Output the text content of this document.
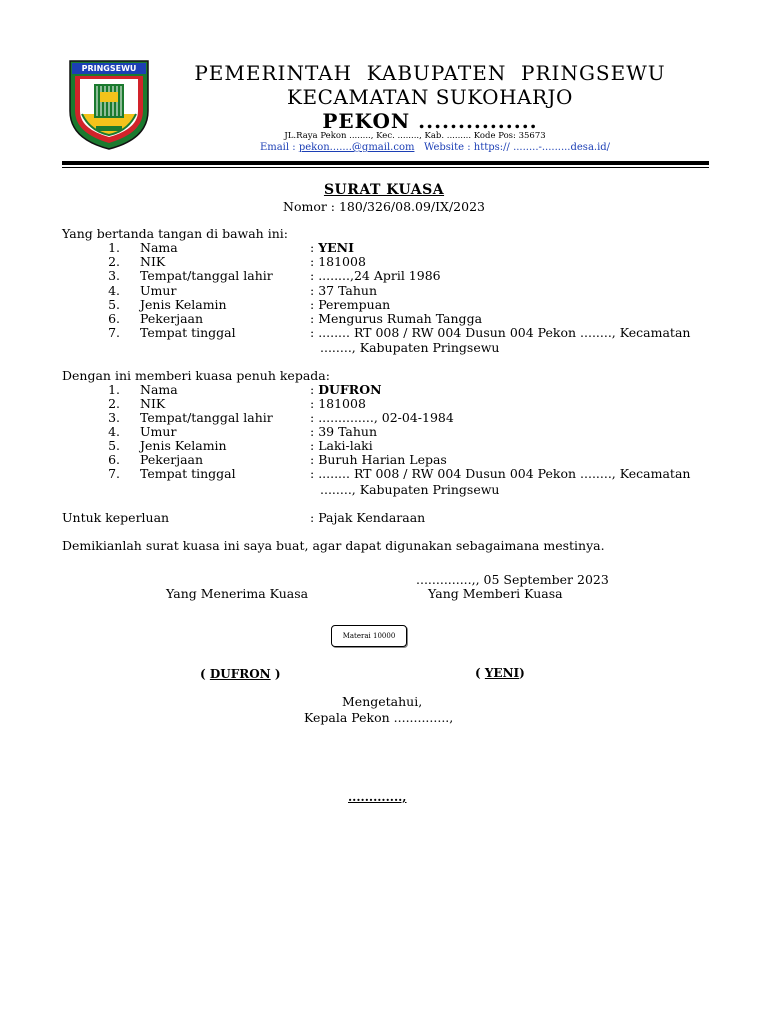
PRINGSEWU	PEMERINTAH  KABUPATEN  PRINGSEWU
KECAMATAN SUKOHARJO
PEKON ...............
JL.Raya Pekon ........, Kec. ........, Kab. ......... Kode Pos: 35673
Email : pekon.......@gmail.com Website : https:// ........-.........desa.id/
SURAT KUASA
Nomor : 180/326/08.09/IX/2023
Yang bertanda tangan di bawah ini:
1. Nama	: YENI
2. NIK	: 181008
3. Tempat/tanggal lahir	: ........,24 April 1986
4. Umur	: 37 Tahun
5. Jenis Kelamin	: Perempuan
6. Pekerjaan	: Mengurus Rumah Tangga
7. Tempat tinggal	: ........ RT 008 / RW 004 Dusun 004 Pekon ........, Kecamatan
........, Kabupaten Pringsewu
Dengan ini memberi kuasa penuh kepada:
1. Nama	: DUFRON
2. NIK	: 181008
3. Tempat/tanggal lahir	: .............., 02-04-1984
4. Umur	: 39 Tahun
5. Jenis Kelamin	: Laki-laki
6. Pekerjaan	: Buruh Harian Lepas
7. Tempat tinggal	: ........ RT 008 / RW 004 Dusun 004 Pekon ........, Kecamatan
........, Kabupaten Pringsewu
Untuk keperluan	: Pajak Kendaraan
Demikianlah surat kuasa ini saya buat, agar dapat digunakan sebagaimana mestinya.
..............,, 05 September 2023
Yang Menerima Kuasa	Yang Memberi Kuasa
Materai 10000
( DUFRON )	( YENI)
Mengetahui,
Kepala Pekon ..............,
.............,
